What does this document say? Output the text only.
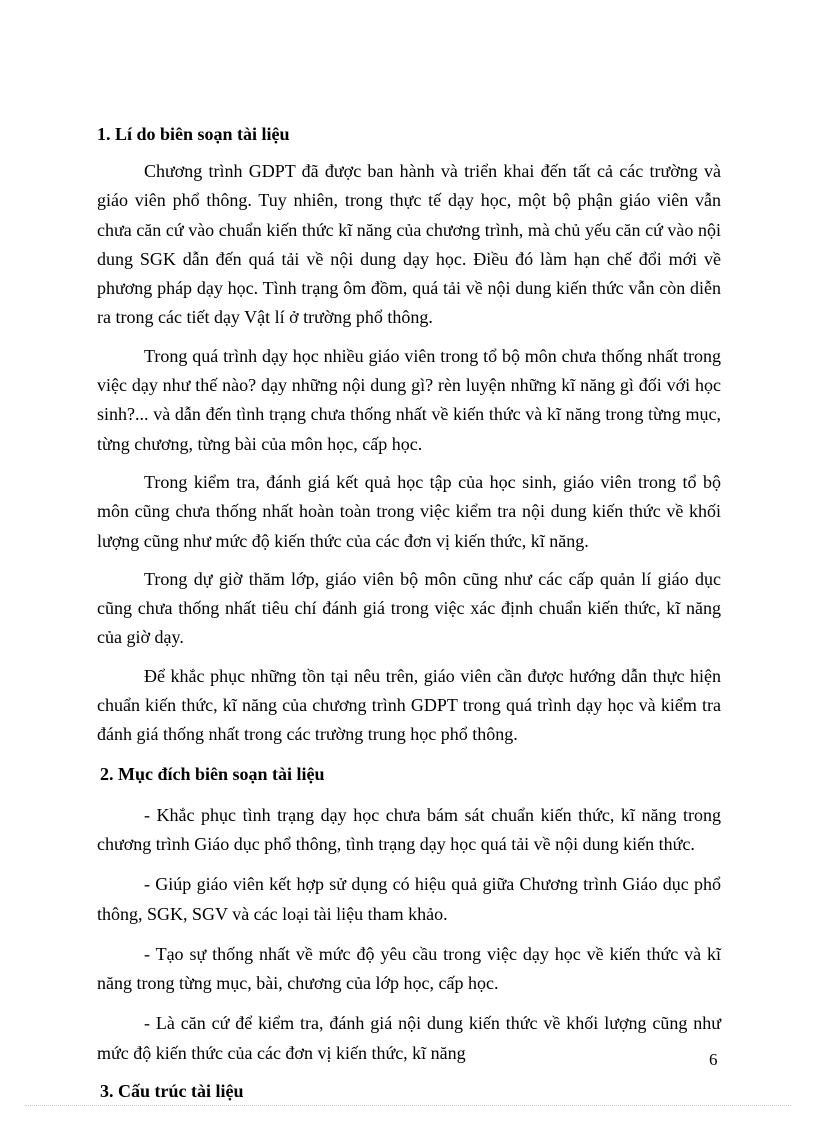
1. Lí do biên soạn tài liệu

Chương trình GDPT đã được ban hành và triển khai đến tất cả các trường và giáo viên phổ thông. Tuy nhiên, trong thực tế dạy học, một bộ phận giáo viên vẫn chưa căn cứ vào chuẩn kiến thức kĩ năng của chương trình, mà chủ yếu căn cứ vào nội dung SGK dẫn đến quá tải về nội dung dạy học. Điều đó làm hạn chế đổi mới về phương pháp dạy học. Tình trạng ôm đồm, quá tải về nội dung kiến thức vẫn còn diễn ra trong các tiết dạy Vật lí ở trường phổ thông.

Trong quá trình dạy học nhiều giáo viên trong tổ bộ môn chưa thống nhất trong việc dạy như thế nào? dạy những nội dung gì? rèn luyện những kĩ năng gì đối với học sinh?... và dẫn đến tình trạng chưa thống nhất về kiến thức và kĩ năng trong từng mục, từng chương, từng bài của môn học, cấp học.

Trong kiểm tra, đánh giá kết quả học tập của học sinh, giáo viên trong tổ bộ môn cũng chưa thống nhất hoàn toàn trong việc kiểm tra nội dung kiến thức về khối lượng cũng như mức độ kiến thức của các đơn vị kiến thức, kĩ năng.

Trong dự giờ thăm lớp, giáo viên bộ môn cũng như các cấp quản lí giáo dục cũng chưa thống nhất tiêu chí đánh giá trong việc xác định chuẩn kiến thức, kĩ năng của giờ dạy.

Để khắc phục những tồn tại nêu trên, giáo viên cần được hướng dẫn thực hiện chuẩn kiến thức, kĩ năng của chương trình GDPT trong quá trình dạy học và kiểm tra đánh giá thống nhất trong các trường trung học phổ thông.

2. Mục đích biên soạn tài liệu

- Khắc phục tình trạng dạy học chưa bám sát chuẩn kiến thức, kĩ năng trong chương trình Giáo dục phổ thông, tình trạng dạy học quá tải về nội dung kiến thức.

- Giúp giáo viên kết hợp sử dụng có hiệu quả giữa Chương trình Giáo dục phổ thông, SGK, SGV và các loại tài liệu tham khảo.

- Tạo sự thống nhất về mức độ yêu cầu trong việc dạy học về kiến thức và kĩ năng trong từng mục, bài, chương của lớp học, cấp học.

- Là căn cứ để kiểm tra, đánh giá nội dung kiến thức về khối lượng cũng như mức độ kiến thức của các đơn vị kiến thức, kĩ năng

3. Cấu trúc tài liệu
6
